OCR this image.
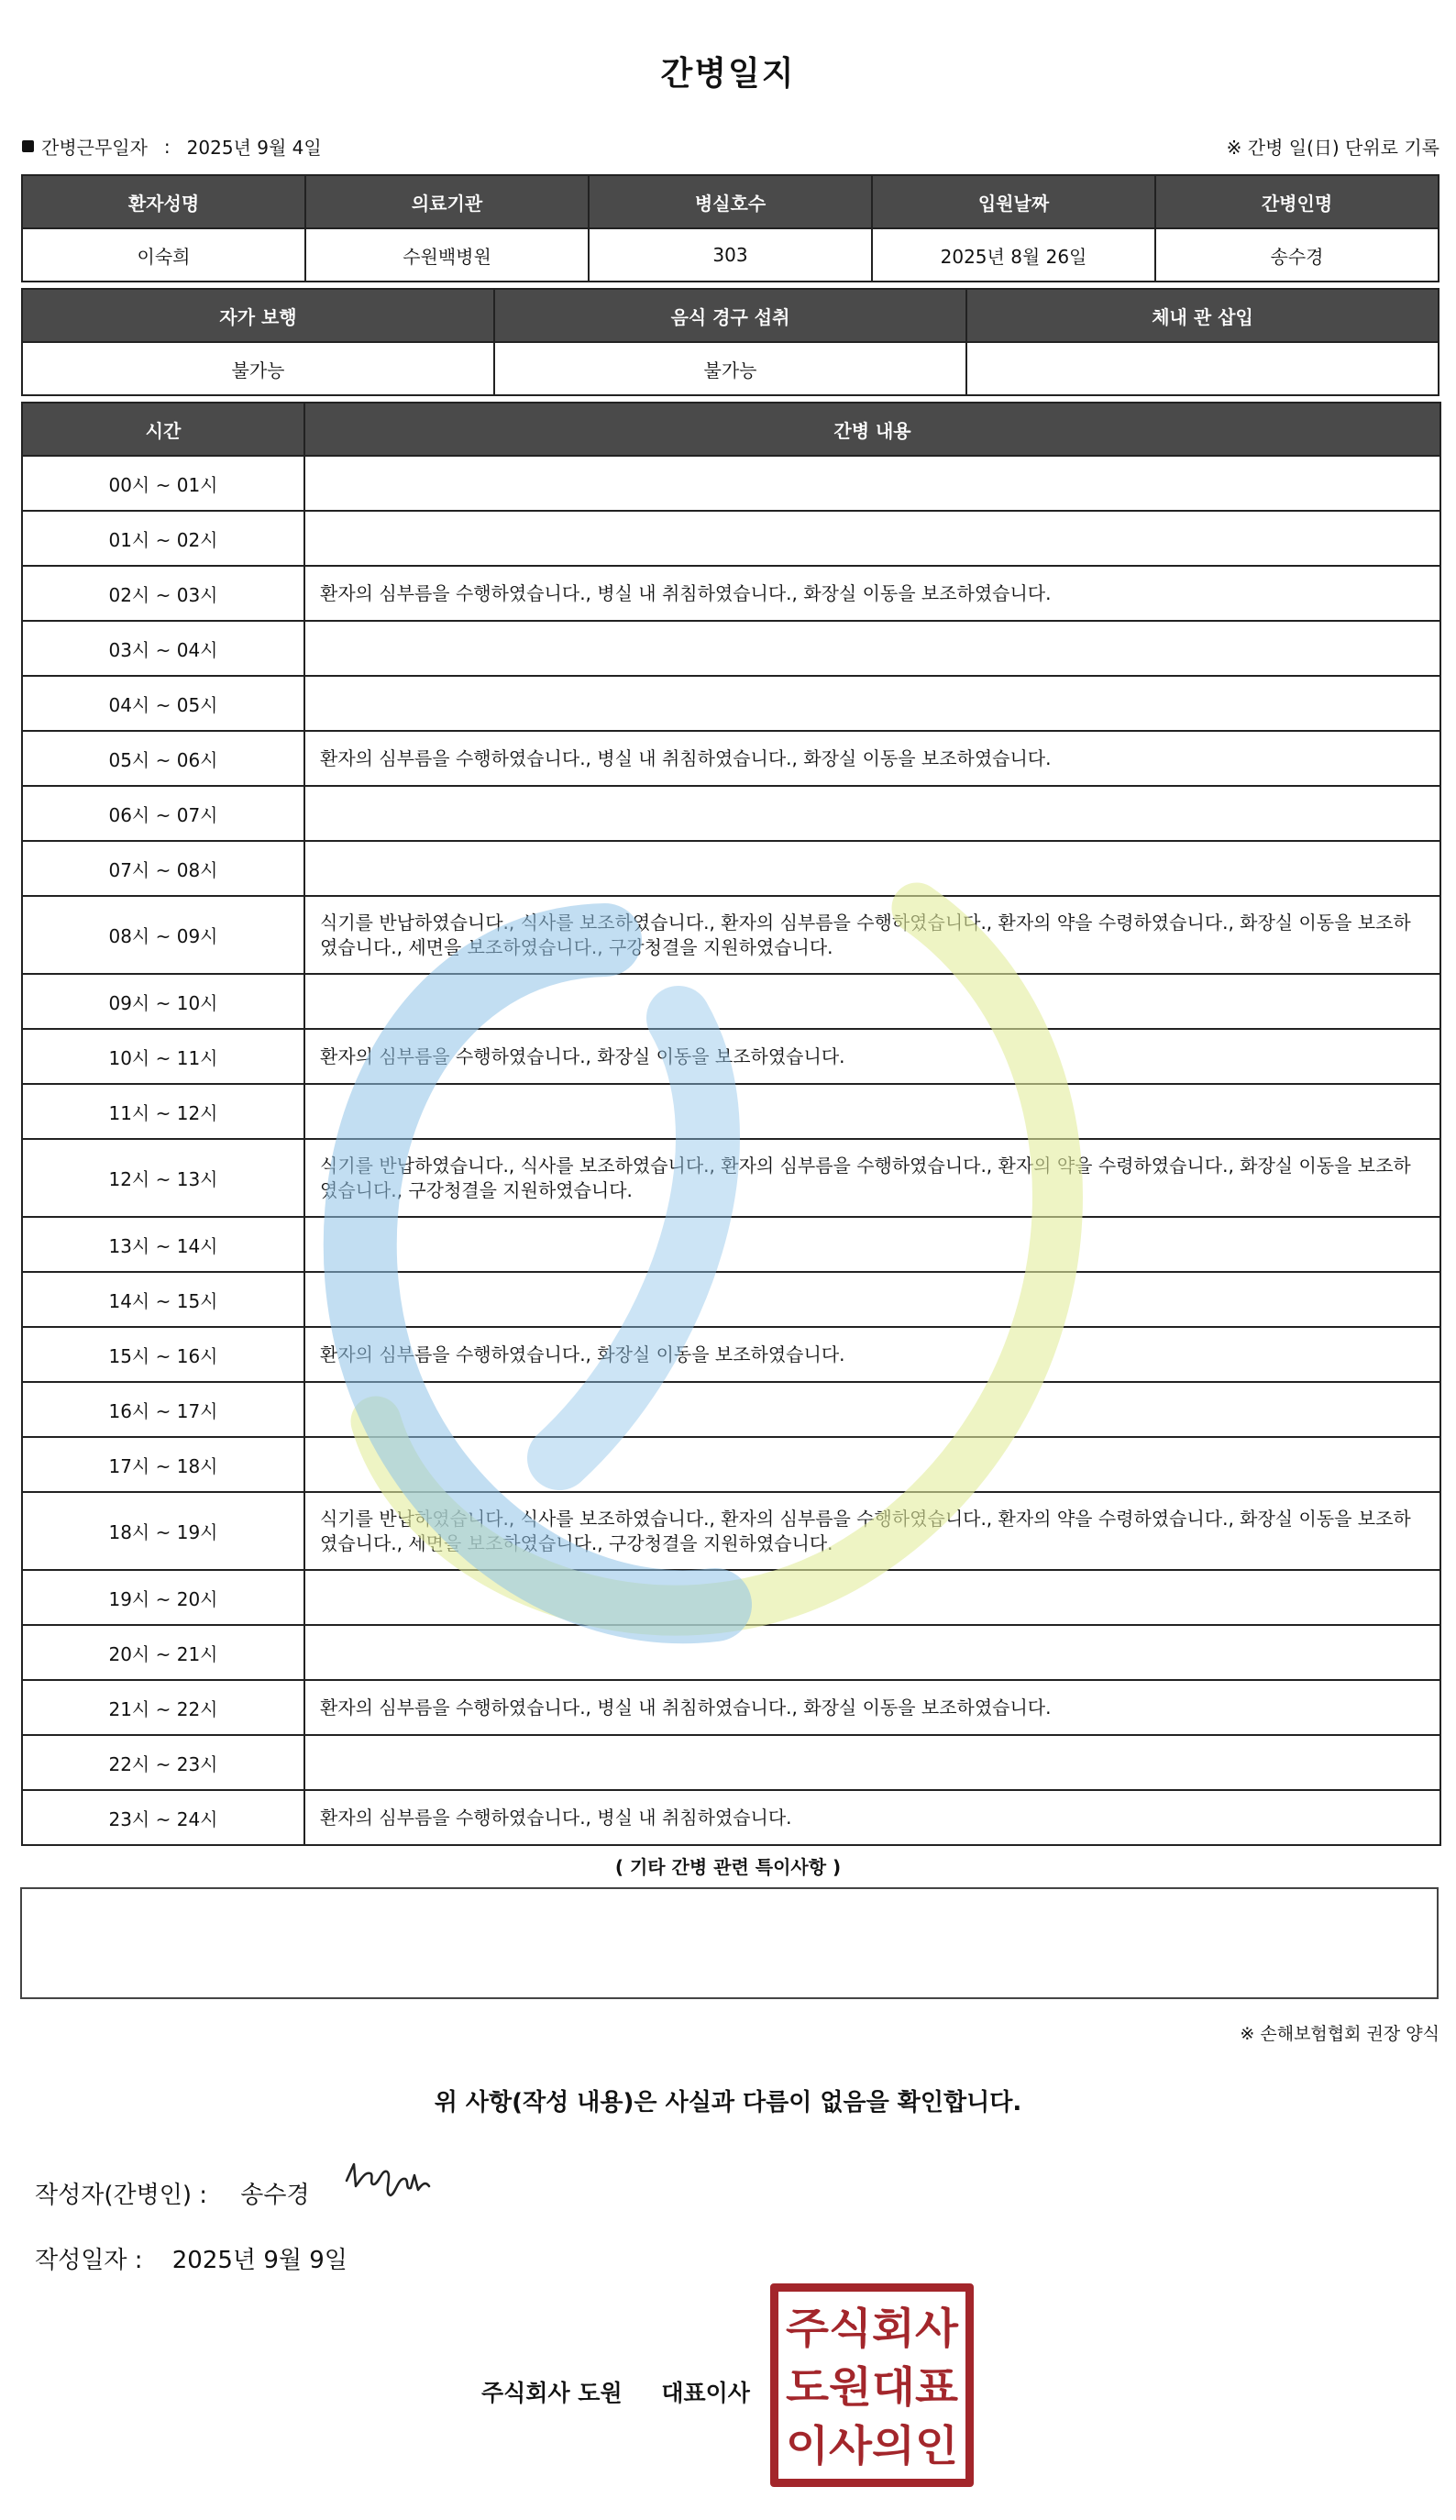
간병일지
간병근무일자 : 2025년 9월 4일	※ 간병 일(日) 단위로 기록
환자성명	의료기관	병실호수	입원날짜	간병인명
이숙희	수원백병원	303	2025년 8월 26일	송수경
자가 보행	음식 경구 섭취	체내 관 삽입
불가능	불가능	
시간	간병 내용
00시 ~ 01시	
01시 ~ 02시	
02시 ~ 03시	환자의 심부름을 수행하였습니다., 병실 내 취침하였습니다., 화장실 이동을 보조하였습니다.
03시 ~ 04시	
04시 ~ 05시	
05시 ~ 06시	환자의 심부름을 수행하였습니다., 병실 내 취침하였습니다., 화장실 이동을 보조하였습니다.
06시 ~ 07시	
07시 ~ 08시	
08시 ~ 09시	식기를 반납하였습니다., 식사를 보조하였습니다., 환자의 심부름을 수행하였습니다., 환자의 약을 수령하였습니다., 화장실 이동을 보조하였습니다., 세면을 보조하였습니다., 구강청결을 지원하였습니다.
09시 ~ 10시	
10시 ~ 11시	환자의 심부름을 수행하였습니다., 화장실 이동을 보조하였습니다.
11시 ~ 12시	
12시 ~ 13시	식기를 반납하였습니다., 식사를 보조하였습니다., 환자의 심부름을 수행하였습니다., 환자의 약을 수령하였습니다., 화장실 이동을 보조하였습니다., 구강청결을 지원하였습니다.
13시 ~ 14시	
14시 ~ 15시	
15시 ~ 16시	환자의 심부름을 수행하였습니다., 화장실 이동을 보조하였습니다.
16시 ~ 17시	
17시 ~ 18시	
18시 ~ 19시	식기를 반납하였습니다., 식사를 보조하였습니다., 환자의 심부름을 수행하였습니다., 환자의 약을 수령하였습니다., 화장실 이동을 보조하였습니다., 세면을 보조하였습니다., 구강청결을 지원하였습니다.
19시 ~ 20시	
20시 ~ 21시	
21시 ~ 22시	환자의 심부름을 수행하였습니다., 병실 내 취침하였습니다., 화장실 이동을 보조하였습니다.
22시 ~ 23시	
23시 ~ 24시	환자의 심부름을 수행하였습니다., 병실 내 취침하였습니다.
( 기타 간병 관련 특이사항 )
※ 손해보험협회 권장 양식
위 사항(작성 내용)은 사실과 다름이 없음을 확인합니다.
작성자(간병인) : 송수경
작성일자 : 2025년 9월 9일
주식회사 도원 대표이사
주식회사
도원대표
이사의인
